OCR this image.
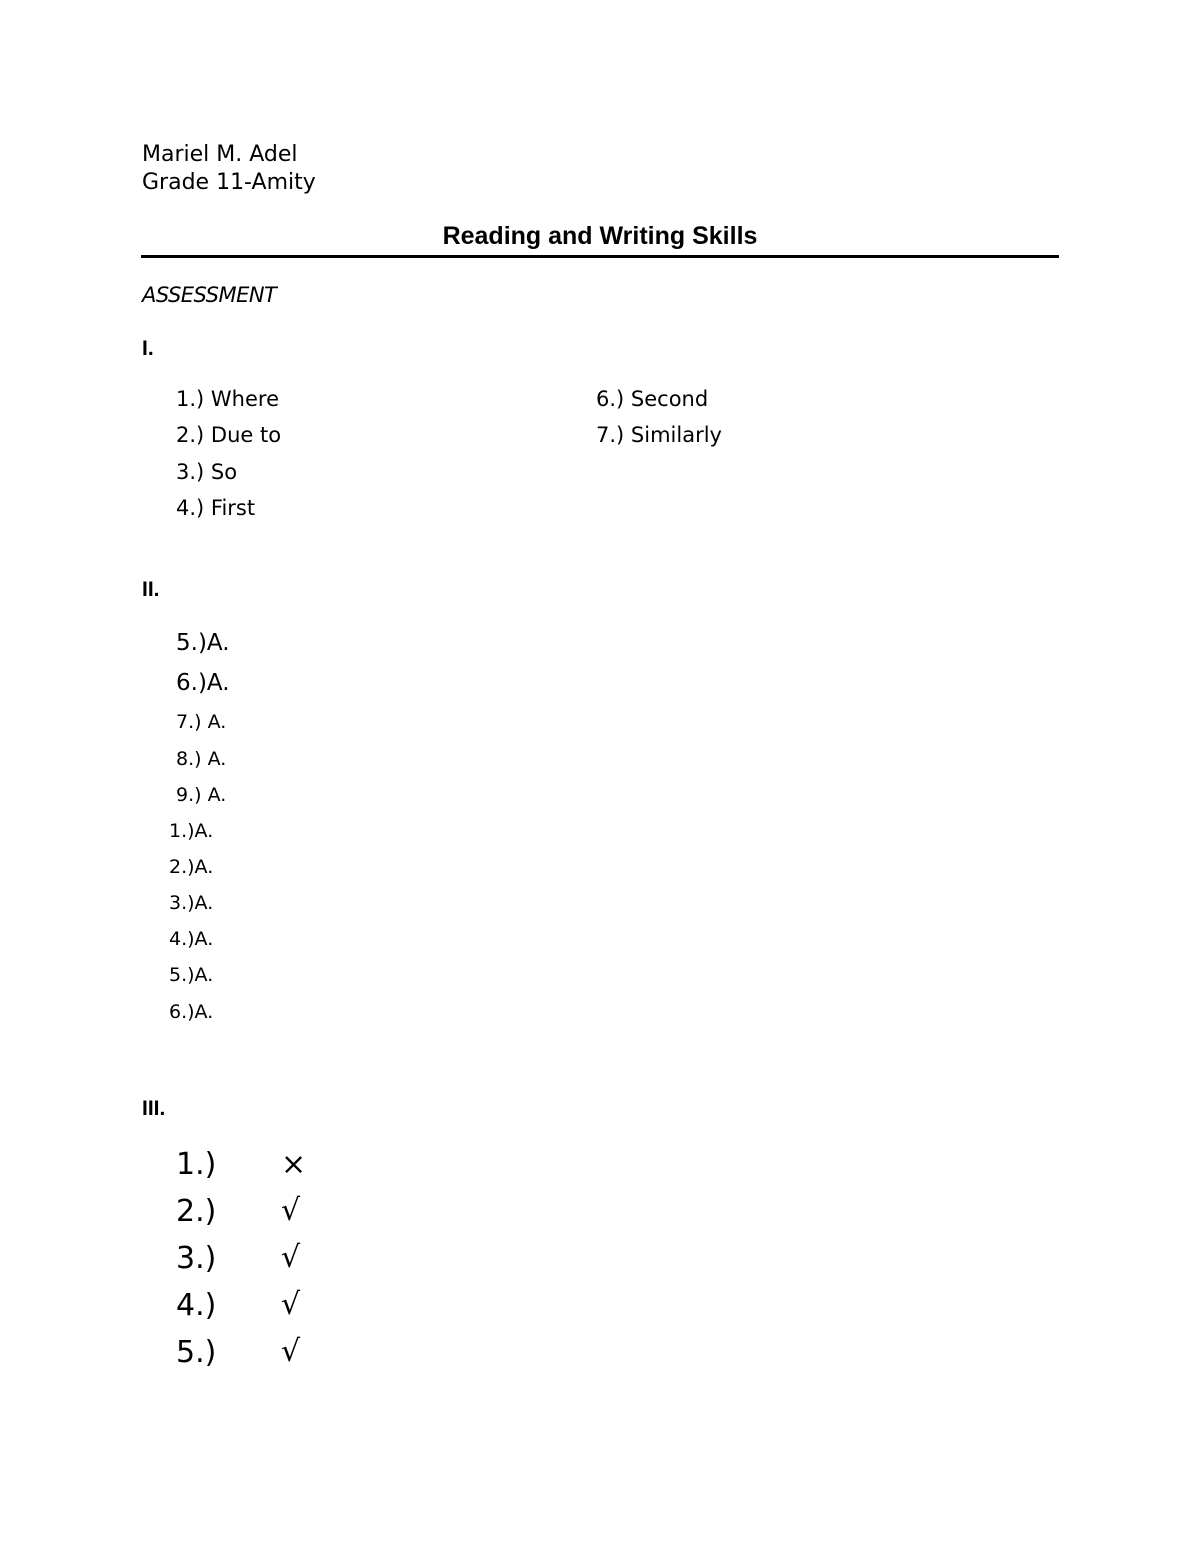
Mariel M. Adel
Grade 11-Amity
Reading and Writing Skills
ASSESSMENT
I.
1.) Where
2.) Due to
3.) So
4.) First
6.) Second
7.) Similarly
II.
5.)A.
6.)A.
7.) A.
8.) A.
9.) A.
1.)A.
2.)A.
3.)A.
4.)A.
5.)A.
6.)A.
III.
1.) ×
2.) √
3.) √
4.) √
5.) √
